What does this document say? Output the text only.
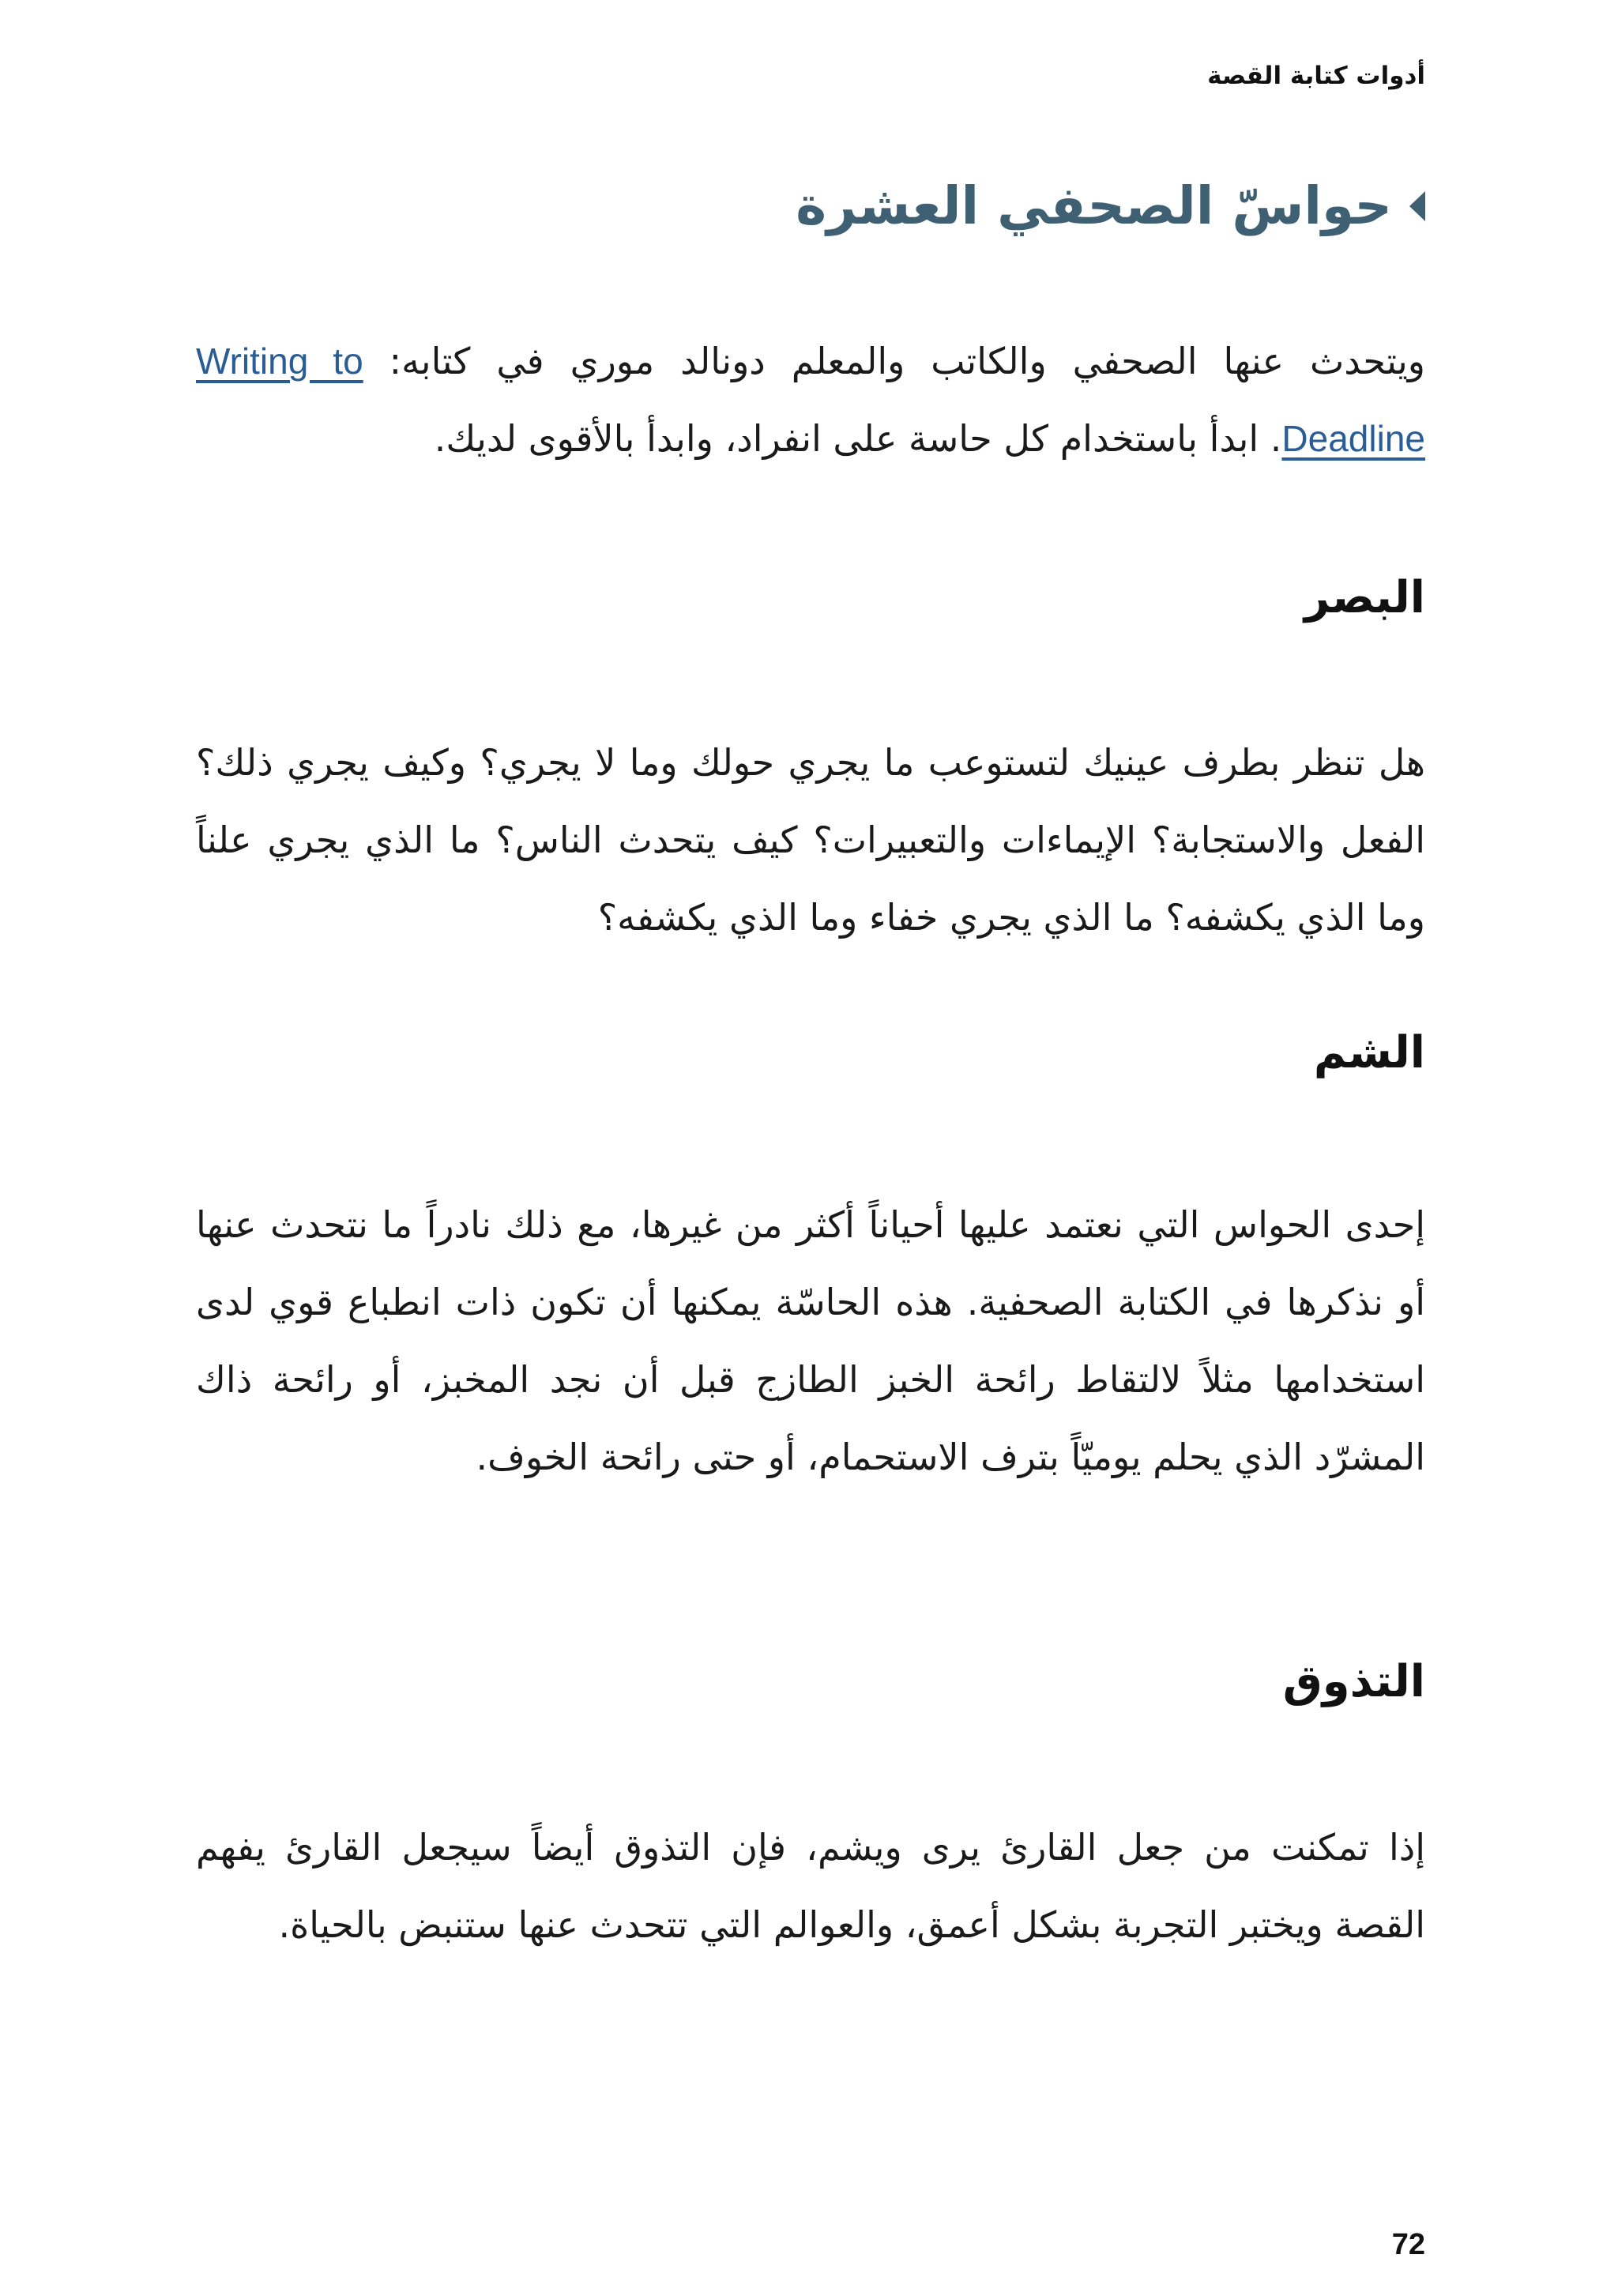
أدوات كتابة القصة
حواسّ الصحفي العشرة

ويتحدث عنها الصحفي والكاتب والمعلم دونالد موري في كتابه: Writing to Deadline. ابدأ باستخدام كل حاسة على انفراد، وابدأ بالأقوى لديك.

البصر

هل تنظر بطرف عينيك لتستوعب ما يجري حولك وما لا يجري؟ وكيف يجري ذلك؟ الفعل والاستجابة؟ الإيماءات والتعبيرات؟ كيف يتحدث الناس؟ ما الذي يجري علناً وما الذي يكشفه؟ ما الذي يجري خفاء وما الذي يكشفه؟

الشم

إحدى الحواس التي نعتمد عليها أحياناً أكثر من غيرها، مع ذلك نادراً ما نتحدث عنها أو نذكرها في الكتابة الصحفية. هذه الحاسّة يمكنها أن تكون ذات انطباع قوي لدى استخدامها مثلاً لالتقاط رائحة الخبز الطازج قبل أن نجد المخبز، أو رائحة ذاك المشرّد الذي يحلم يوميّاً بترف الاستحمام، أو حتى رائحة الخوف.

التذوق

إذا تمكنت من جعل القارئ يرى ويشم، فإن التذوق أيضاً سيجعل القارئ يفهم القصة ويختبر التجربة بشكل أعمق، والعوالم التي تتحدث عنها ستنبض بالحياة.

72
